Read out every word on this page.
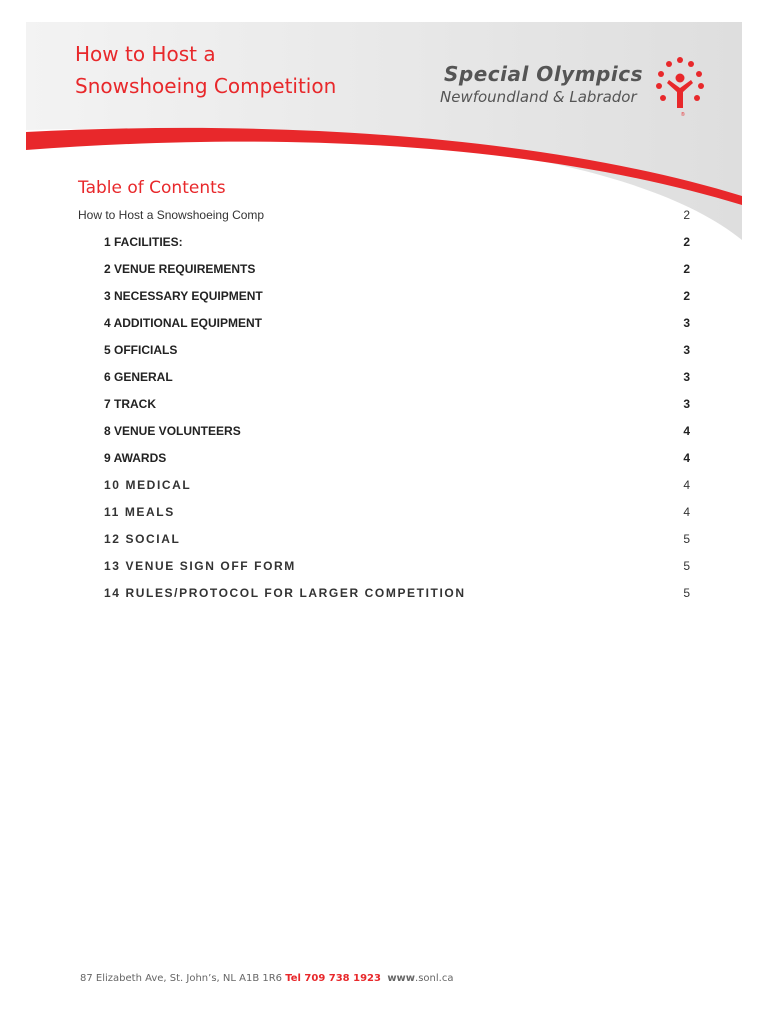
How to Host a
Snowshoeing Competition	Special Olympics
Newfoundland & Labrador
®
Table of Contents
How to Host a Snowshoeing Comp	2
1 FACILITIES:	2
2 VENUE REQUIREMENTS	2
3 NECESSARY EQUIPMENT	2
4 ADDITIONAL EQUIPMENT	3
5 OFFICIALS	3
6 GENERAL	3
7 TRACK	3
8 VENUE VOLUNTEERS	4
9 AWARDS	4
10 MEDICAL	4
11 MEALS	4
12 SOCIAL	5
13 VENUE SIGN OFF FORM	5
14 RULES/PROTOCOL FOR LARGER COMPETITION	5
87 Elizabeth Ave, St. John’s, NL A1B 1R6 Tel 709 738 1923 www.sonl.ca
